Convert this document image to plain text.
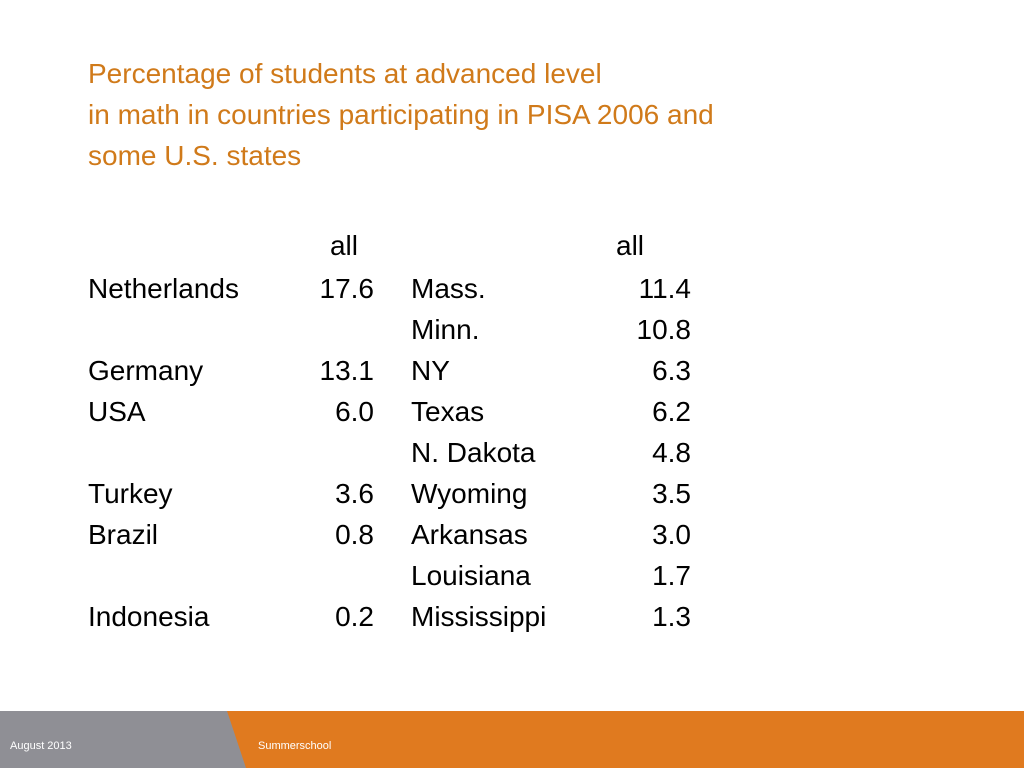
Percentage of students at advanced level
in math in countries participating in PISA 2006 and
some U.S. states
	all			all
Netherlands	17.6		Mass.	11.4
			Minn.	10.8
Germany	13.1		NY	6.3
USA	6.0		Texas	6.2
			N. Dakota	4.8
Turkey	3.6		Wyoming	3.5
Brazil	0.8		Arkansas	3.0
			Louisiana	1.7
Indonesia	0.2		Mississippi	1.3
August 2013	Summerschool
